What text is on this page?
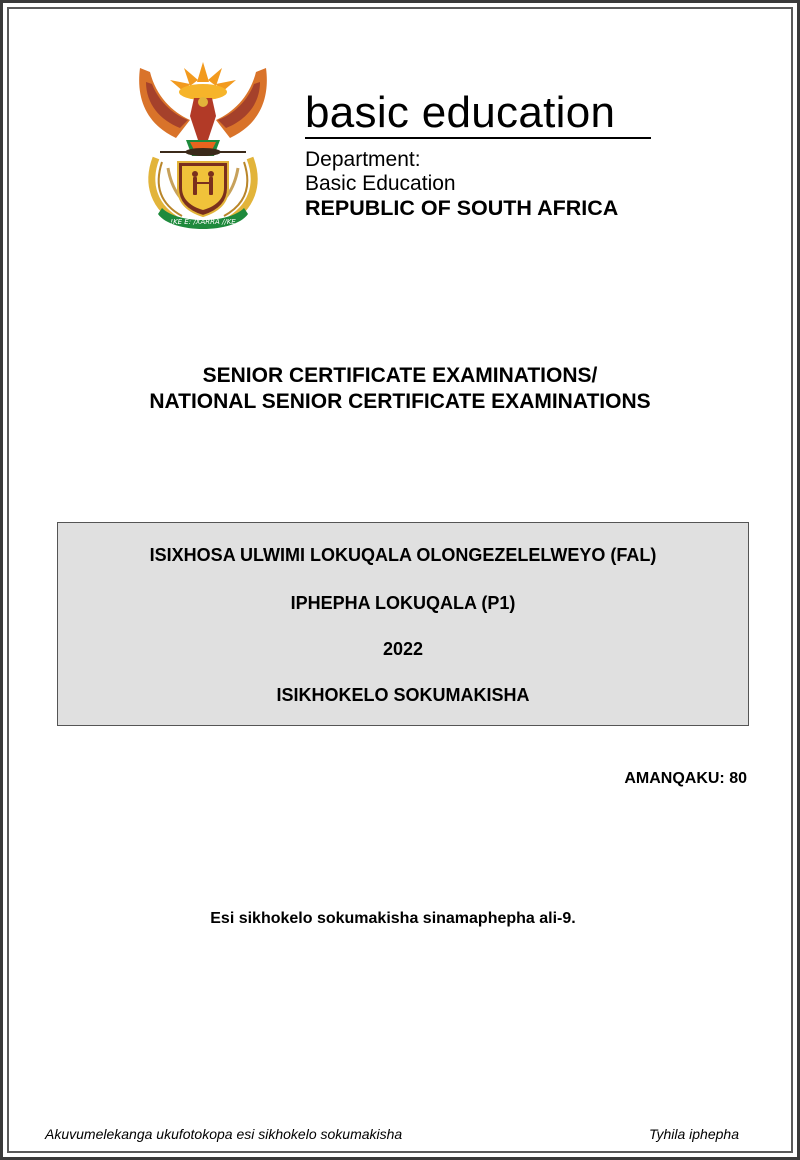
!KE E: /XARRA //KE
basic education
Department:
Basic Education
REPUBLIC OF SOUTH AFRICA
SENIOR CERTIFICATE EXAMINATIONS/
NATIONAL SENIOR CERTIFICATE EXAMINATIONS
ISIXHOSA ULWIMI LOKUQALA OLONGEZELELWEYO (FAL)
IPHEPHA LOKUQALA (P1)
2022
ISIKHOKELO SOKUMAKISHA
AMANQAKU: 80
Esi sikhokelo sokumakisha sinamaphepha ali-9.
Akuvumelekanga ukufotokopa esi sikhokelo sokumakisha	Tyhila iphepha
